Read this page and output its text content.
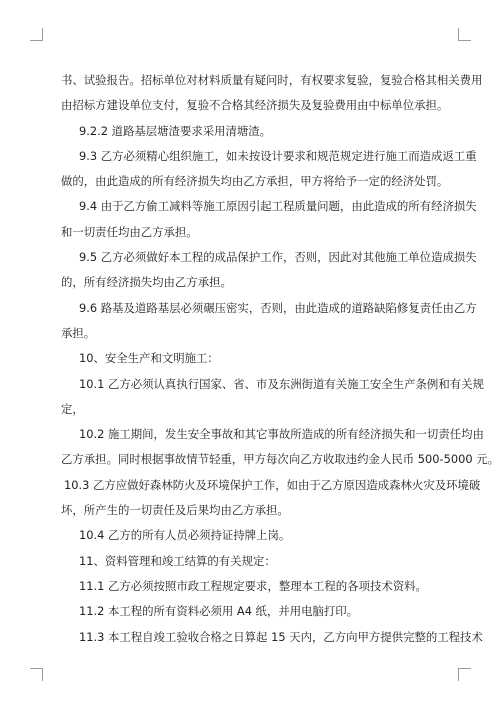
书、试验报告。招标单位对材料质量有疑问时，有权要求复验，复验合格其相关费用
由招标方建设单位支付，复验不合格其经济损失及复验费用由中标单位承担。

9.2.2 道路基层塘渣要求采用清塘渣。

9.3 乙方必须精心组织施工，如未按设计要求和规范规定进行施工而造成返工重
做的，由此造成的所有经济损失均由乙方承担，甲方将给予一定的经济处罚。

9.4 由于乙方偷工减料等施工原因引起工程质量问题，由此造成的所有经济损失
和一切责任均由乙方承担。

9.5 乙方必须做好本工程的成品保护工作，否则，因此对其他施工单位造成损失
的，所有经济损失均由乙方承担。

9.6 路基及道路基层必须碾压密实，否则，由此造成的道路缺陷修复责任由乙方
承担。

10、安全生产和文明施工：

10.1 乙方必须认真执行国家、省、市及东洲街道有关施工安全生产条例和有关规
定，

10.2 施工期间，发生安全事故和其它事故所造成的所有经济损失和一切责任均由
乙方承担。同时根据事故情节轻重，甲方每次向乙方收取违约金人民币 500-5000 元。

10.3 乙方应做好森林防火及环境保护工作，如由于乙方原因造成森林火灾及环境破
坏，所产生的一切责任及后果均由乙方承担。

10.4 乙方的所有人员必须持证持牌上岗。

11、资料管理和竣工结算的有关规定：

11.1 乙方必须按照市政工程规定要求，整理本工程的各项技术资料。

11.2 本工程的所有资料必须用 A4 纸，并用电脑打印。

11.3 本工程自竣工验收合格之日算起 15 天内，乙方向甲方提供完整的工程技术
